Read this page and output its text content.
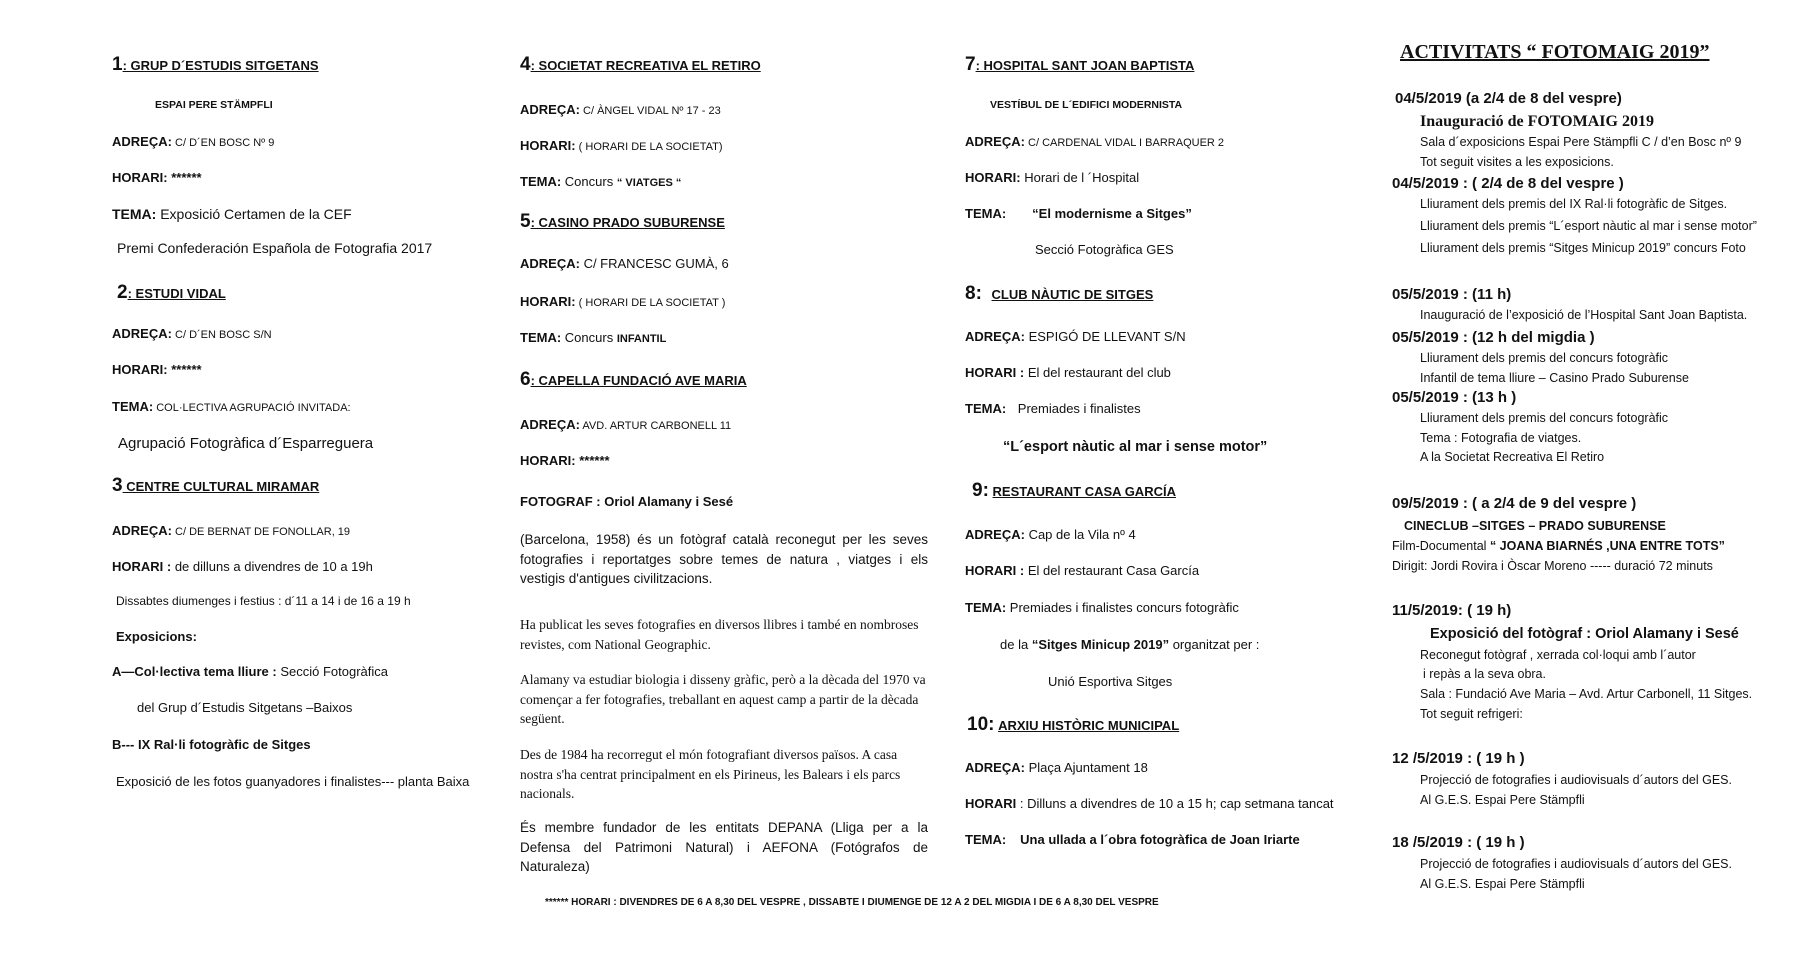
1: GRUP D´ESTUDIS SITGETANS
ESPAI PERE STÄMPFLI
ADREÇA: C/ D´EN BOSC Nº 9
HORARI: ******
TEMA: Exposició Certamen de la CEF
Premi Confederación Española de Fotografia 2017
2: ESTUDI VIDAL
ADREÇA: C/ D´EN BOSC S/N
HORARI: ******
TEMA: COL·LECTIVA AGRUPACIÓ INVITADA:
Agrupació Fotogràfica d´Esparreguera
3 CENTRE CULTURAL MIRAMAR
ADREÇA: C/ DE BERNAT DE FONOLLAR, 19
HORARI : de dilluns a divendres de 10 a 19h
Dissabtes diumenges i festius : d´11 a 14 i de 16 a 19 h
Exposicions:
A—Col·lectiva tema lliure : Secció Fotogràfica
del Grup d´Estudis Sitgetans –Baixos
B--- IX Ral·li fotogràfic de Sitges
Exposició de les fotos guanyadores i finalistes--- planta Baixa
4: SOCIETAT RECREATIVA EL RETIRO
ADREÇA: C/ ÀNGEL VIDAL Nº 17 - 23
HORARI: ( HORARI DE LA SOCIETAT)
TEMA: Concurs “ VIATGES “
5: CASINO PRADO SUBURENSE
ADREÇA: C/ FRANCESC GUMÀ, 6
HORARI: ( HORARI DE LA SOCIETAT )
TEMA: Concurs INFANTIL
6: CAPELLA FUNDACIÓ AVE MARIA
ADREÇA: AVD. ARTUR CARBONELL 11
HORARI: ******
FOTOGRAF : Oriol Alamany i Sesé
(Barcelona, 1958) és un fotògraf català reconegut per les seves fotografies i reportatges sobre temes de natura , viatges i els vestigis d'antigues civilitzacions.
Ha publicat les seves fotografies en diversos llibres i també en nombroses revistes, com National Geographic.
Alamany va estudiar biologia i disseny gràfic, però a la dècada del 1970 va començar a fer fotografies, treballant en aquest camp a partir de la dècada següent.
Des de 1984 ha recorregut el món fotografiant diversos països. A casa nostra s'ha centrat principalment en els Pirineus, les Balears i els parcs nacionals.
És membre fundador de les entitats DEPANA (Lliga per a la Defensa del Patrimoni Natural) i AEFONA (Fotógrafos de Naturaleza)
****** HORARI : DIVENDRES DE 6 A 8,30 DEL VESPRE , DISSABTE I DIUMENGE DE 12 A 2 DEL MIGDIA I DE 6 A 8,30 DEL VESPRE
7: HOSPITAL SANT JOAN BAPTISTA
VESTÍBUL DE L´EDIFICI MODERNISTA
ADREÇA: C/ CARDENAL VIDAL I BARRAQUER 2
HORARI: Horari de l ´Hospital
TEMA: “El modernisme a Sitges”
Secció Fotogràfica GES
8: CLUB NÀUTIC DE SITGES
ADREÇA: ESPIGÓ DE LLEVANT S/N
HORARI : El del restaurant del club
TEMA: Premiades i finalistes
“L´esport nàutic al mar i sense motor”
9: RESTAURANT CASA GARCÍA
ADREÇA: Cap de la Vila nº 4
HORARI : El del restaurant Casa García
TEMA: Premiades i finalistes concurs fotogràfic
de la “Sitges Minicup 2019” organitzat per :
Unió Esportiva Sitges
10: ARXIU HISTÒRIC MUNICIPAL
ADREÇA: Plaça Ajuntament 18
HORARI : Dilluns a divendres de 10 a 15 h; cap setmana tancat
TEMA: Una ullada a l´obra fotogràfica de Joan Iriarte
ACTIVITATS “ FOTOMAIG 2019”
04/5/2019 (a 2/4 de 8 del vespre)
Inauguració de FOTOMAIG 2019
Sala d´exposicions Espai Pere Stämpfli C / d’en Bosc nº 9
Tot seguit visites a les exposicions.
04/5/2019 : ( 2/4 de 8 del vespre )
Lliurament dels premis del IX Ral·li fotogràfic de Sitges.
Lliurament dels premis “L´esport nàutic al mar i sense motor”
Lliurament dels premis “Sitges Minicup 2019” concurs Foto
05/5/2019 : (11 h)
Inauguració de l’exposició de l’Hospital Sant Joan Baptista.
05/5/2019 : (12 h del migdia )
Lliurament dels premis del concurs fotogràfic
Infantil de tema lliure – Casino Prado Suburense
05/5/2019 : (13 h )
Lliurament dels premis del concurs fotogràfic
Tema : Fotografia de viatges.
A la Societat Recreativa El Retiro
09/5/2019 : ( a 2/4 de 9 del vespre )
CINECLUB –SITGES – PRADO SUBURENSE
Film-Documental “ JOANA BIARNÉS ,UNA ENTRE TOTS”
Dirigit: Jordi Rovira i Òscar Moreno ----- duració 72 minuts
11/5/2019: ( 19 h)
Exposició del fotògraf : Oriol Alamany i Sesé
Reconegut fotògraf , xerrada col·loqui amb l´autor
i repàs a la seva obra.
Sala : Fundació Ave Maria – Avd. Artur Carbonell, 11 Sitges.
Tot seguit refrigeri:
12 /5/2019 : ( 19 h )
Projecció de fotografies i audiovisuals d´autors del GES.
Al G.E.S. Espai Pere Stämpfli
18 /5/2019 : ( 19 h )
Projecció de fotografies i audiovisuals d´autors del GES.
Al G.E.S. Espai Pere Stämpfli
